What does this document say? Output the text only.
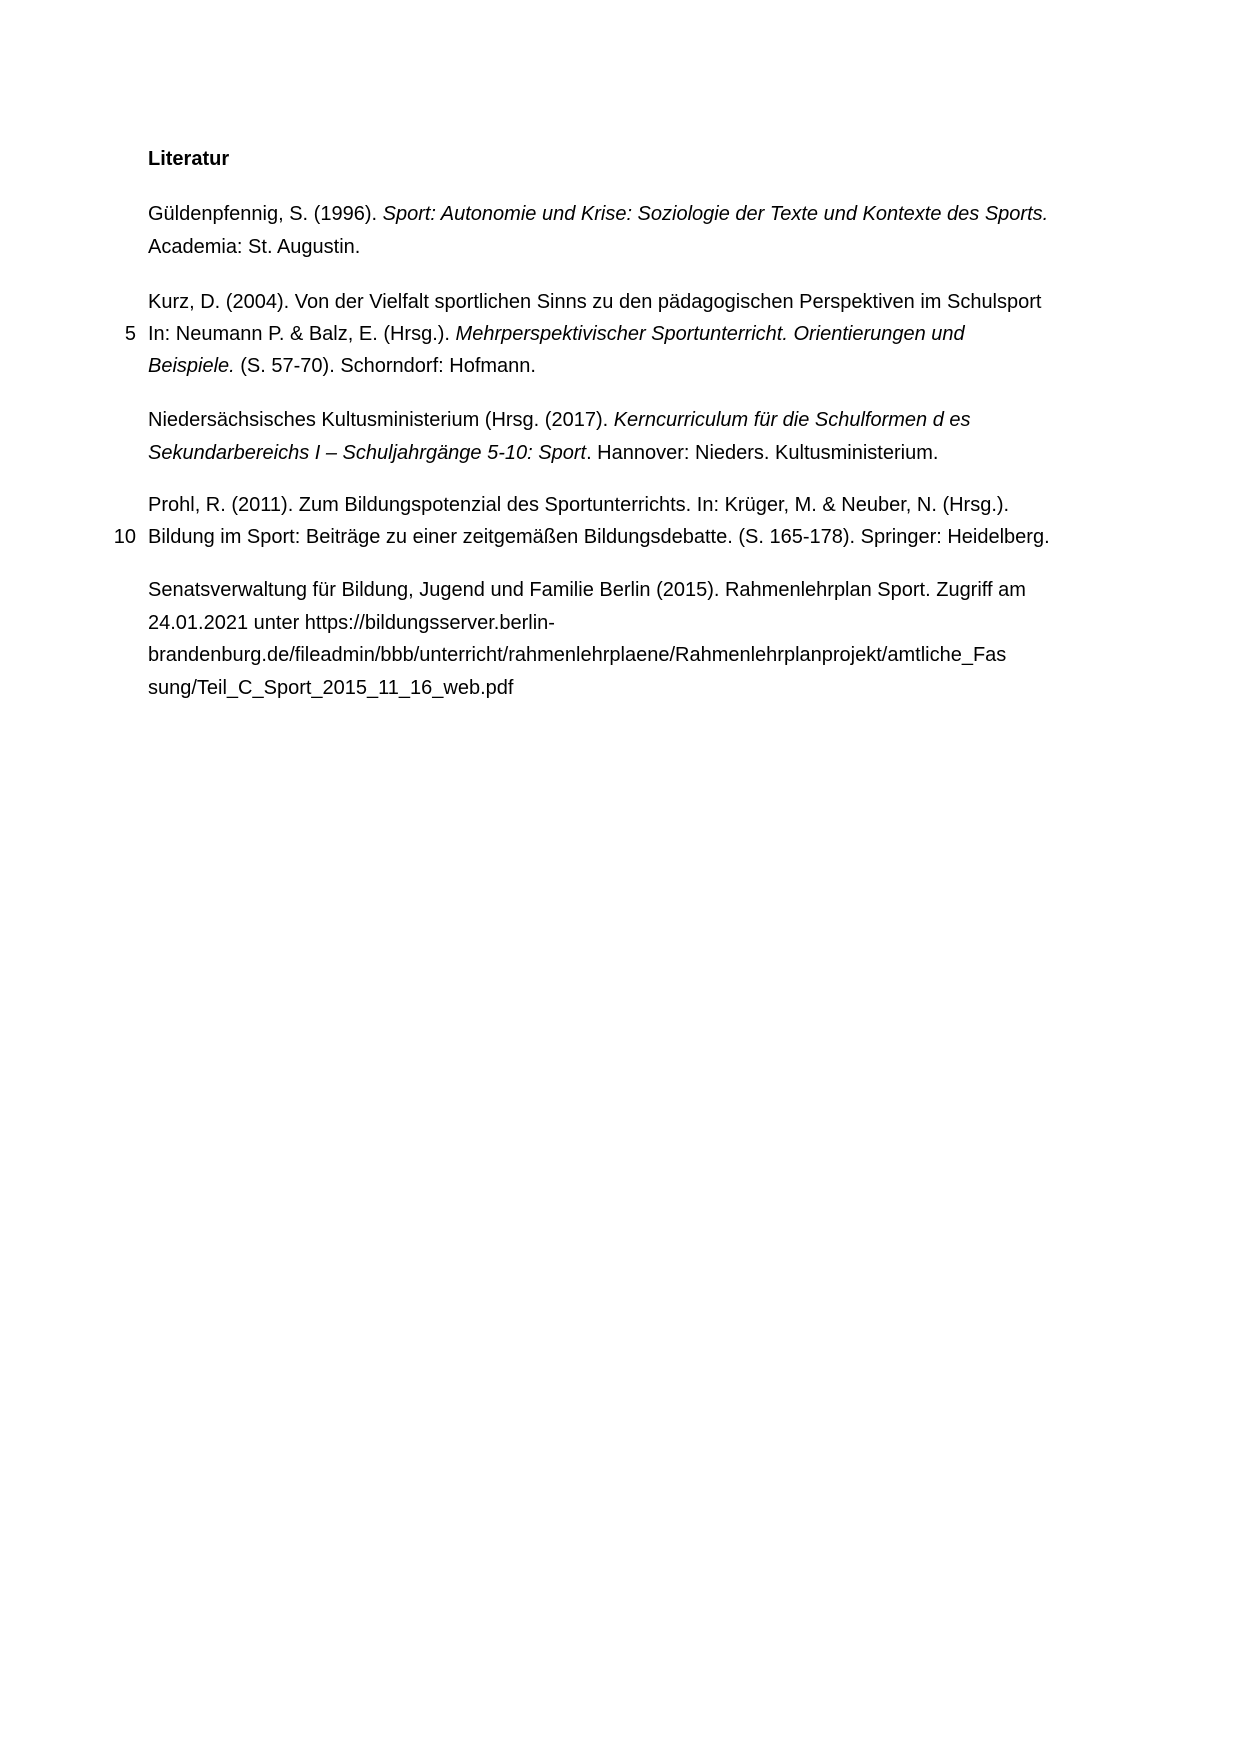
Literatur
5
10
Güldenpfennig, S. (1996). Sport: Autonomie und Krise: Soziologie der Texte und Kontexte des Sports.
Academia: St. Augustin.
Kurz, D. (2004). Von der Vielfalt sportlichen Sinns zu den pädagogischen Perspektiven im Schulsport
In: Neumann P. & Balz, E. (Hrsg.). Mehrperspektivischer Sportunterricht. Orientierungen und
Beispiele. (S. 57-70). Schorndorf: Hofmann.
Niedersächsisches Kultusministerium (Hrsg. (2017). Kerncurriculum für die Schulformen d es
Sekundarbereichs I – Schuljahrgänge 5-10: Sport. Hannover: Nieders. Kultusministerium.
Prohl, R. (2011). Zum Bildungspotenzial des Sportunterrichts. In: Krüger, M. & Neuber, N. (Hrsg.).
Bildung im Sport: Beiträge zu einer zeitgemäßen Bildungsdebatte. (S. 165-178). Springer: Heidelberg.
Senatsverwaltung für Bildung, Jugend und Familie Berlin (2015). Rahmenlehrplan Sport. Zugriff am
24.01.2021 unter https://bildungsserver.berlin-
brandenburg.de/fileadmin/bbb/unterricht/rahmenlehrplaene/Rahmenlehrplanprojekt/amtliche_Fas
sung/Teil_C_Sport_2015_11_16_web.pdf
